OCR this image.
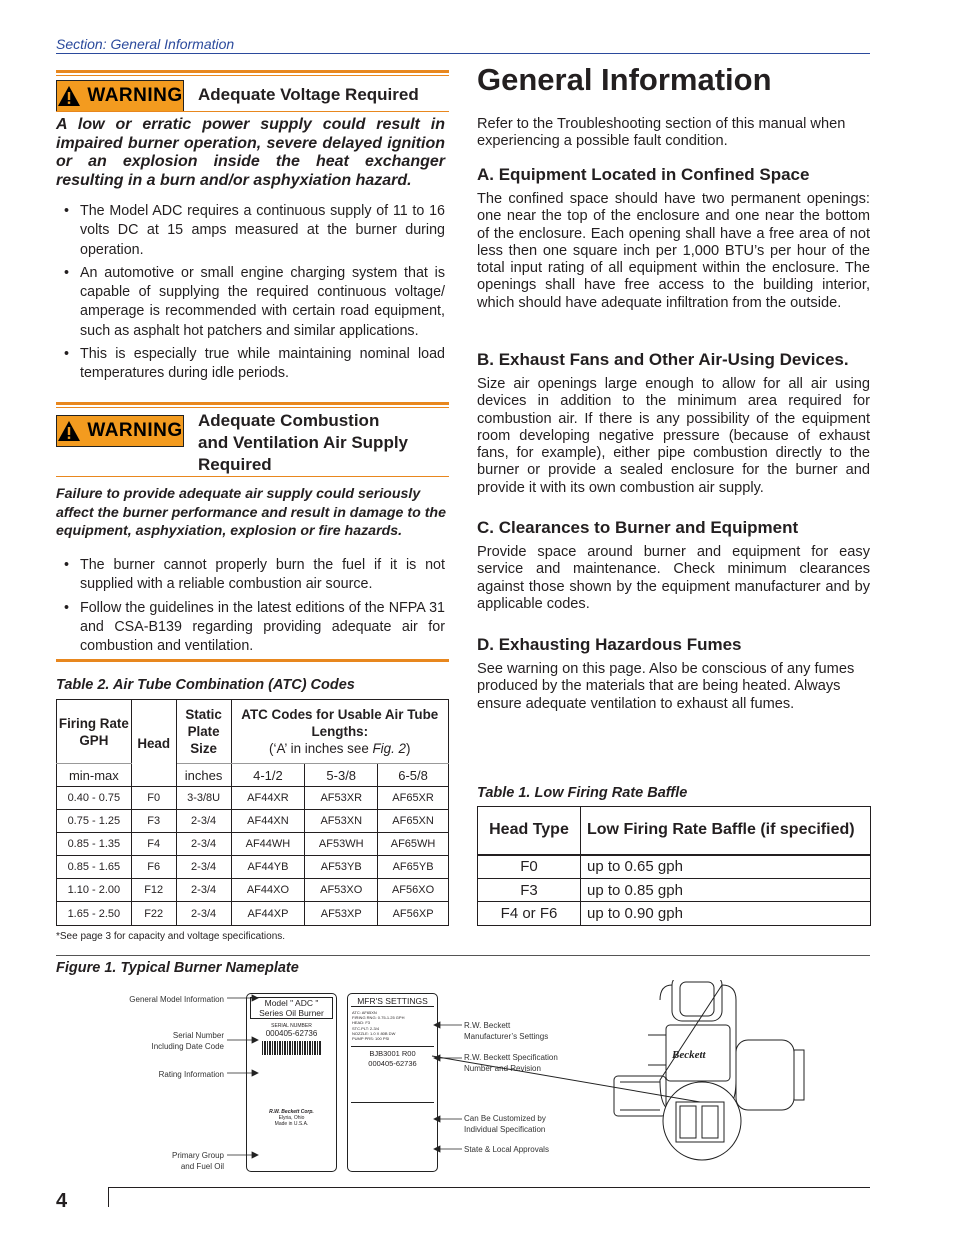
Section: General Information
WARNING Adequate Voltage Required
A low or erratic power supply could result in impaired burner operation, severe delayed ignition or an explosion inside the heat exchanger resulting in a burn and/or asphyxiation hazard.
• The Model ADC requires a continuous supply of 11 to 16 volts DC at 15 amps measured at the burner during operation.
• An automotive or small engine charging system that is capable of supplying the required continuous voltage/ amperage is recommended with certain road equipment, such as asphalt hot patchers and similar applications.
• This is especially true while maintaining nominal load temperatures during idle periods.
WARNING Adequate Combustion
and Ventilation Air Supply
Required
Failure to provide adequate air supply could seriously affect the burner performance and result in damage to the equipment, asphyxiation, explosion or fire hazards.
• The burner cannot properly burn the fuel if it is not supplied with a reliable combustion air source.
• Follow the guidelines in the latest editions of the NFPA 31 and CSA-B139 regarding providing adequate air for combustion and ventilation.
Table 2. Air Tube Combination (ATC) Codes
Firing Rate GPH	Head	Static Plate Size	ATC Codes for Usable Air Tube Lengths:
(‘A’ in inches see Fig. 2)		

min-max		inches	4-1/2	5-3/8	6-5/8
0.40 - 0.75	F0	3-3/8U	AF44XR	AF53XR	AF65XR
0.75 - 1.25	F3	2-3/4	AF44XN	AF53XN	AF65XN
0.85 - 1.35	F4	2-3/4	AF44WH	AF53WH	AF65WH
0.85 - 1.65	F6	2-3/4	AF44YB	AF53YB	AF65YB
1.10 - 2.00	F12	2-3/4	AF44XO	AF53XO	AF56XO
1.65 - 2.50	F22	2-3/4	AF44XP	AF53XP	AF56XP
*See page 3 for capacity and voltage specifications.
General Information
Refer to the Troubleshooting section of this manual when experiencing a possible fault condition.
A. Equipment Located in Confined Space
The confined space should have two permanent openings: one near the top of the enclosure and one near the bottom of the enclosure. Each opening shall have a free area of not less then one square inch per 1,000 BTU’s per hour of the total input rating of all equipment within the enclosure. The openings shall have free access to the building interior, which should have adequate infiltration from the outside.
B. Exhaust Fans and Other Air-Using Devices.
Size air openings large enough to allow for all air using devices in addition to the minimum area required for combustion air. If there is any possibility of the equipment room developing negative pressure (because of exhaust fans, for example), either pipe combustion directly to the burner or provide a sealed enclosure for the burner and provide it with its own combustion air supply.
C. Clearances to Burner and Equipment
Provide space around burner and equipment for easy service and maintenance. Check minimum clearances against those shown by the equipment manufacturer and by applicable codes.
D. Exhausting Hazardous Fumes
See warning on this page. Also be conscious of any fumes produced by the materials that are being heated. Always ensure adequate ventilation to exhaust all fumes.
Table 1. Low Firing Rate Baffle
Head Type	Low Firing Rate Baffle (if specified)
F0	up to 0.65 gph
F3	up to 0.85 gph
F4 or F6	up to 0.90 gph
Figure 1. Typical Burner Nameplate
General Model Information
Serial Number
Including Date Code
Rating Information
Primary Group
and Fuel Oil
R.W. Beckett
Manufacturer’s Settings
R.W. Beckett Specification
Number and Revision
Can Be Customized by
Individual Specification
State & Local Approvals
Model " ADC "
Series Oil Burner
SERIAL NUMBER
000405-62736
R.W. Beckett Corp.
Elyria, Ohio
Made in U.S.A.
MFR'S SETTINGS
ATC: AF65XN
FIRING RNG: 0.75-1.25 GPH
HEAD: F3
STC.PLT: 2-3/4
NOZZLE: 1.0 X 80B DW
PUMP PRS: 100 PSI
BJB3001 R00
000405-62736
Beckett
4
